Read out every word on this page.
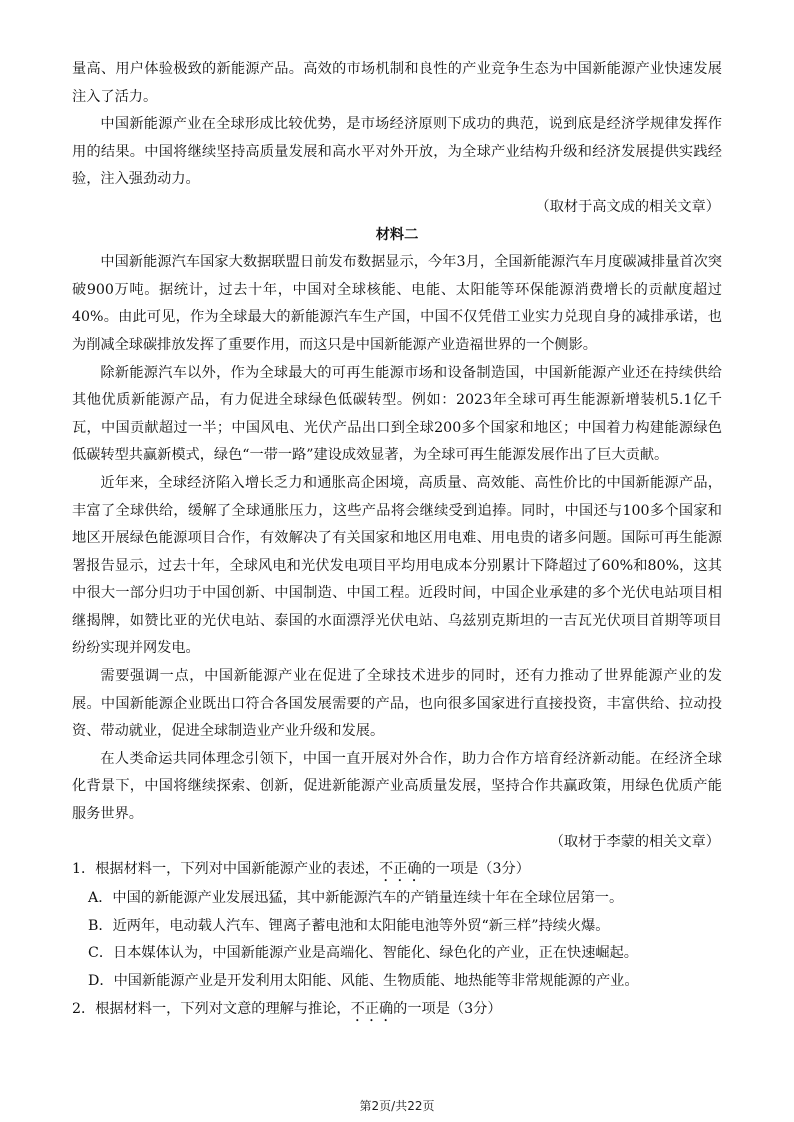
量高、用户体验极致的新能源产品。高效的市场机制和良性的产业竞争生态为中国新能源产业快速发展注入了活力。

中国新能源产业在全球形成比较优势，是市场经济原则下成功的典范，说到底是经济学规律发挥作用的结果。中国将继续坚持高质量发展和高水平对外开放，为全球产业结构升级和经济发展提供实践经验，注入强劲动力。

（取材于高文成的相关文章）

材料二

中国新能源汽车国家大数据联盟日前发布数据显示，今年3月，全国新能源汽车月度碳减排量首次突破900万吨。据统计，过去十年，中国对全球核能、电能、太阳能等环保能源消费增长的贡献度超过40%。由此可见，作为全球最大的新能源汽车生产国，中国不仅凭借工业实力兑现自身的减排承诺，也为削减全球碳排放发挥了重要作用，而这只是中国新能源产业造福世界的一个侧影。

除新能源汽车以外，作为全球最大的可再生能源市场和设备制造国，中国新能源产业还在持续供给其他优质新能源产品，有力促进全球绿色低碳转型。例如：2023年全球可再生能源新增装机5.1亿千瓦，中国贡献超过一半；中国风电、光伏产品出口到全球200多个国家和地区；中国着力构建能源绿色低碳转型共赢新模式，绿色“一带一路”建设成效显著，为全球可再生能源发展作出了巨大贡献。

近年来，全球经济陷入增长乏力和通胀高企困境，高质量、高效能、高性价比的中国新能源产品，丰富了全球供给，缓解了全球通胀压力，这些产品将会继续受到追捧。同时，中国还与100多个国家和地区开展绿色能源项目合作，有效解决了有关国家和地区用电难、用电贵的诸多问题。国际可再生能源署报告显示，过去十年，全球风电和光伏发电项目平均用电成本分别累计下降超过了60%和80%，这其中很大一部分归功于中国创新、中国制造、中国工程。近段时间，中国企业承建的多个光伏电站项目相继揭牌，如赞比亚的光伏电站、泰国的水面漂浮光伏电站、乌兹别克斯坦的一吉瓦光伏项目首期等项目纷纷实现并网发电。

需要强调一点，中国新能源产业在促进了全球技术进步的同时，还有力推动了世界能源产业的发展。中国新能源企业既出口符合各国发展需要的产品，也向很多国家进行直接投资，丰富供给、拉动投资、带动就业，促进全球制造业产业升级和发展。

在人类命运共同体理念引领下，中国一直开展对外合作，助力合作方培育经济新动能。在经济全球化背景下，中国将继续探索、创新，促进新能源产业高质量发展，坚持合作共赢政策，用绿色优质产能服务世界。

（取材于李蒙的相关文章）

1．根据材料一，下列对中国新能源产业的表述，不正确的一项是（3分）

A．中国的新能源产业发展迅猛，其中新能源汽车的产销量连续十年在全球位居第一。

B．近两年，电动载人汽车、锂离子蓄电池和太阳能电池等外贸“新三样”持续火爆。

C．日本媒体认为，中国新能源产业是高端化、智能化、绿色化的产业，正在快速崛起。

D．中国新能源产业是开发利用太阳能、风能、生物质能、地热能等非常规能源的产业。

2．根据材料一，下列对文意的理解与推论，不正确的一项是（3分）

第2页/共22页
